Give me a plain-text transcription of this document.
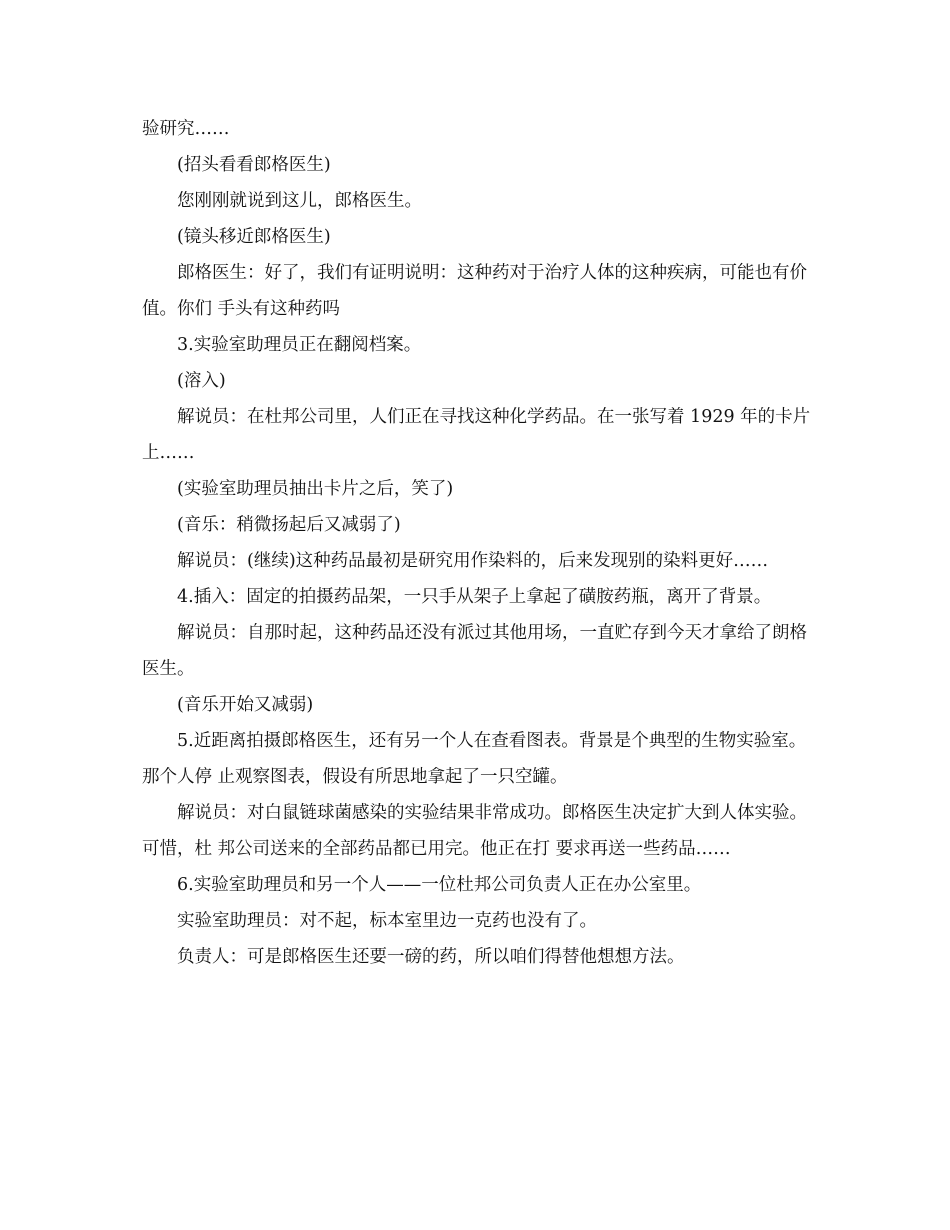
验研究……

(招头看看郎格医生)

您刚刚就说到这儿，郎格医生。

(镜头移近郎格医生)

郎格医生：好了，我们有证明说明：这种药对于治疗人体的这种疾病，可能也有价值。你们 手头有这种药吗

3.实验室助理员正在翻阅档案。

(溶入)

解说员：在杜邦公司里，人们正在寻找这种化学药品。在一张写着 1929 年的卡片上……

(实验室助理员抽出卡片之后，笑了)

(音乐：稍微扬起后又减弱了)

解说员：(继续)这种药品最初是研究用作染料的，后来发现别的染料更好……

4.插入：固定的拍摄药品架，一只手从架子上拿起了磺胺药瓶，离开了背景。

解说员：自那时起，这种药品还没有派过其他用场，一直贮存到今天才拿给了朗格医生。

(音乐开始又减弱)

5.近距离拍摄郎格医生，还有另一个人在查看图表。背景是个典型的生物实验室。那个人停 止观察图表，假设有所思地拿起了一只空罐。

解说员：对白鼠链球菌感染的实验结果非常成功。郎格医生决定扩大到人体实验。可惜，杜 邦公司送来的全部药品都已用完。他正在打 要求再送一些药品……

6.实验室助理员和另一个人——一位杜邦公司负责人正在办公室里。

实验室助理员：对不起，标本室里边一克药也没有了。

负责人：可是郎格医生还要一磅的药，所以咱们得替他想想方法。
